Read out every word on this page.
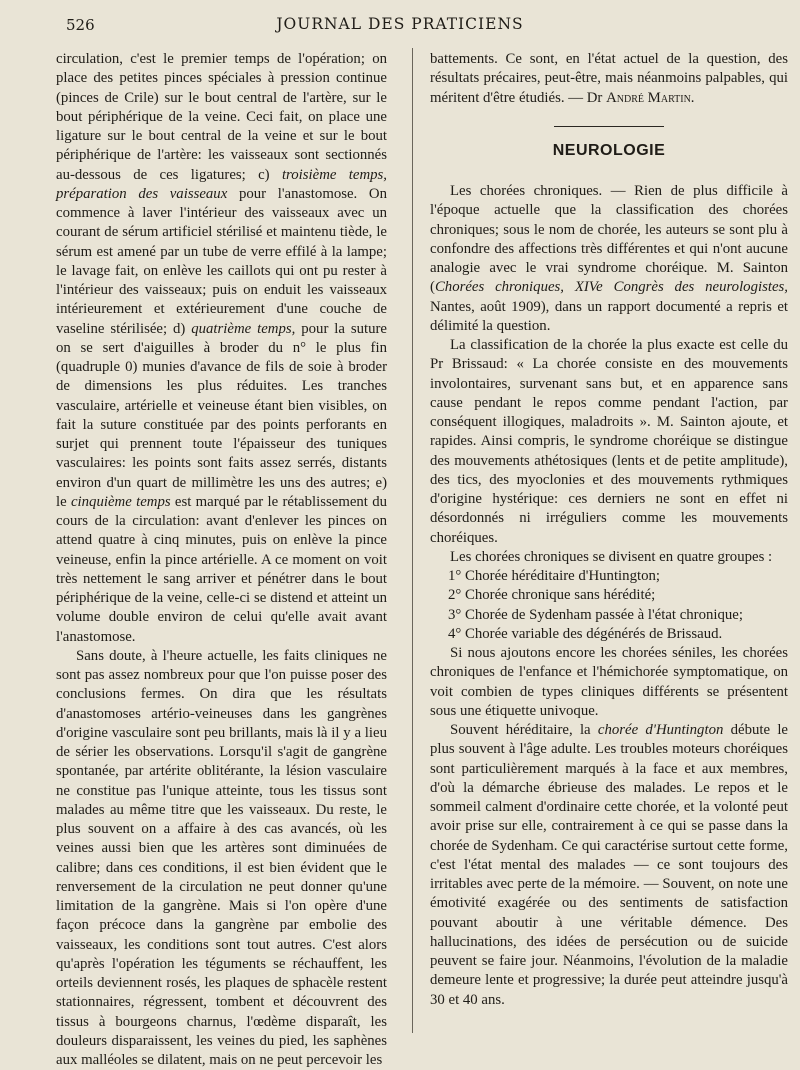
526	JOURNAL DES PRATICIENS

circulation, c'est le premier temps de l'opération; on place des petites pinces spéciales à pression continue (pinces de Crile) sur le bout central de l'artère, sur le bout périphérique de la veine. Ceci fait, on place une ligature sur le bout central de la veine et sur le bout périphérique de l'artère: les vaisseaux sont sectionnés au-dessous de ces ligatures; c) troisième temps, préparation des vaisseaux pour l'anastomose. On commence à laver l'intérieur des vaisseaux avec un courant de sérum artificiel stérilisé et maintenu tiède, le sérum est amené par un tube de verre effilé à la lampe; le lavage fait, on enlève les caillots qui ont pu rester à l'intérieur des vaisseaux; puis on enduit les vaisseaux intérieurement et extérieurement d'une couche de vaseline stérilisée; d) quatrième temps, pour la suture on se sert d'aiguilles à broder du n° le plus fin (quadruple 0) munies d'avance de fils de soie à broder de dimensions les plus réduites. Les tranches vasculaire, artérielle et veineuse étant bien visibles, on fait la suture constituée par des points perforants en surjet qui prennent toute l'épaisseur des tuniques vasculaires: les points sont faits assez serrés, distants environ d'un quart de millimètre les uns des autres; e) le cinquième temps est marqué par le rétablissement du cours de la circulation: avant d'enlever les pinces on attend quatre à cinq minutes, puis on enlève la pince veineuse, enfin la pince artérielle. A ce moment on voit très nettement le sang arriver et pénétrer dans le bout périphérique de la veine, celle-ci se distend et atteint un volume double environ de celui qu'elle avait avant l'anastomose.

Sans doute, à l'heure actuelle, les faits cliniques ne sont pas assez nombreux pour que l'on puisse poser des conclusions fermes. On dira que les résultats d'anastomoses artério-veineuses dans les gangrènes d'origine vasculaire sont peu brillants, mais là il y a lieu de sérier les observations. Lorsqu'il s'agit de gangrène spontanée, par artérite oblitérante, la lésion vasculaire ne constitue pas l'unique atteinte, tous les tissus sont malades au même titre que les vaisseaux. Du reste, le plus souvent on a affaire à des cas avancés, où les veines aussi bien que les artères sont diminuées de calibre; dans ces conditions, il est bien évident que le renversement de la circulation ne peut donner qu'une limitation de la gangrène. Mais si l'on opère d'une façon précoce dans la gangrène par embolie des vaisseaux, les conditions sont tout autres. C'est alors qu'après l'opération les téguments se réchauffent, les orteils deviennent rosés, les plaques de sphacèle restent stationnaires, régressent, tombent et découvrent des tissus à bourgeons charnus, l'œdème disparaît, les douleurs disparaissent, les veines du pied, les saphènes aux malléoles se dilatent, mais on ne peut percevoir les

battements. Ce sont, en l'état actuel de la question, des résultats précaires, peut-être, mais néanmoins palpables, qui méritent d'être étudiés. — Dr André Martin.

NEUROLOGIE

Les chorées chroniques. — Rien de plus difficile à l'époque actuelle que la classification des chorées chroniques; sous le nom de chorée, les auteurs se sont plu à confondre des affections très différentes et qui n'ont aucune analogie avec le vrai syndrome choréique. M. Sainton (Chorées chroniques, XIVe Congrès des neurologistes, Nantes, août 1909), dans un rapport documenté a repris et délimité la question.

La classification de la chorée la plus exacte est celle du Pr Brissaud: « La chorée consiste en des mouvements involontaires, survenant sans but, et en apparence sans cause pendant le repos comme pendant l'action, par conséquent illogiques, maladroits ». M. Sainton ajoute, et rapides. Ainsi compris, le syndrome choréique se distingue des mouvements athétosiques (lents et de petite amplitude), des tics, des myoclonies et des mouvements rythmiques d'origine hystérique: ces derniers ne sont en effet ni désordonnés ni irréguliers comme les mouvements choréiques.

Les chorées chroniques se divisent en quatre groupes :

1° Chorée héréditaire d'Huntington;

2° Chorée chronique sans hérédité;

3° Chorée de Sydenham passée à l'état chronique;

4° Chorée variable des dégénérés de Brissaud.

Si nous ajoutons encore les chorées séniles, les chorées chroniques de l'enfance et l'hémichorée symptomatique, on voit combien de types cliniques différents se présentent sous une étiquette univoque.

Souvent héréditaire, la chorée d'Huntington débute le plus souvent à l'âge adulte. Les troubles moteurs choréiques sont particulièrement marqués à la face et aux membres, d'où la démarche ébrieuse des malades. Le repos et le sommeil calment d'ordinaire cette chorée, et la volonté peut avoir prise sur elle, contrairement à ce qui se passe dans la chorée de Sydenham. Ce qui caractérise surtout cette forme, c'est l'état mental des malades — ce sont toujours des irritables avec perte de la mémoire. — Souvent, on note une émotivité exagérée ou des sentiments de satisfaction pouvant aboutir à une véritable démence. Des hallucinations, des idées de persécution ou de suicide peuvent se faire jour. Néanmoins, l'évolution de la maladie demeure lente et progressive; la durée peut atteindre jusqu'à 30 et 40 ans.
